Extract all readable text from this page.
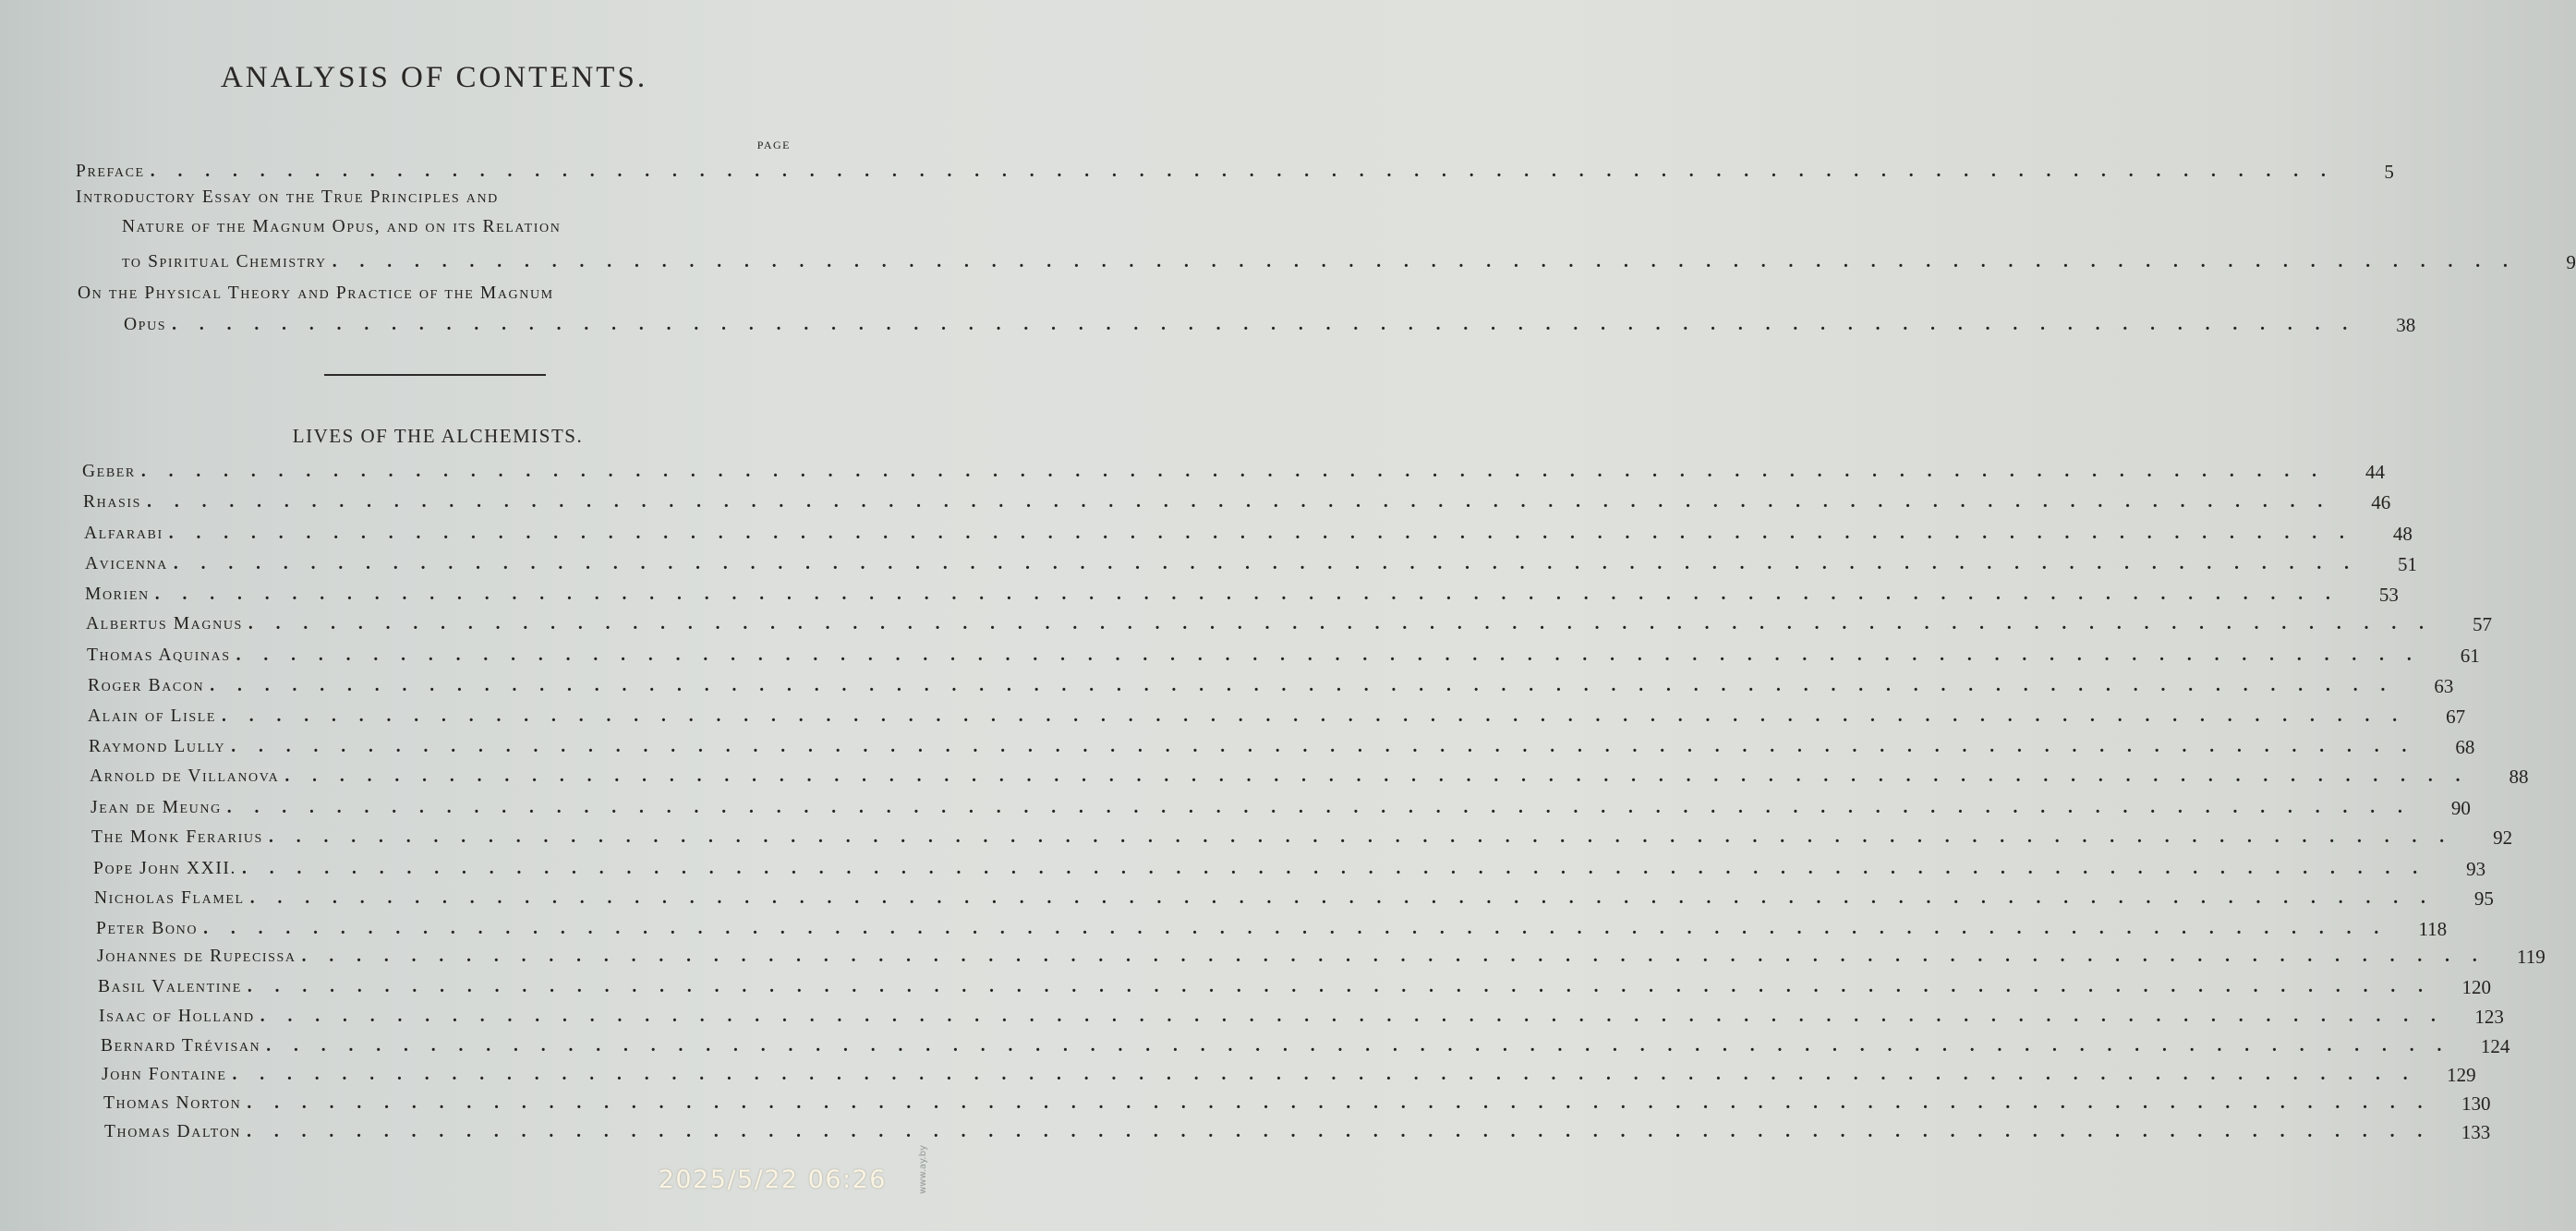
ANALYSIS OF CONTENTS.
PAGE
Preface . . .	5
Introductory Essay on the True Principles and
Nature of the Magnum Opus, and on its Relation
to Spiritual Chemistry . . .	9
On the Physical Theory and Practice of the Magnum
Opus . . .	38
LIVES OF THE ALCHEMISTS.
Geber . . .	44
Rhasis . . .	46
Alfarabi . . .	48
Avicenna . . .	51
Morien . . .	53
Albertus Magnus . . .	57
Thomas Aquinas . . .	61
Roger Bacon . . .	63
Alain of Lisle . . .	67
Raymond Lully . . .	68
Arnold de Villanova . . .	88
Jean de Meung . . .	90
The Monk Ferarius . . .	92
Pope John XXII. . . .	93
Nicholas Flamel . . .	95
Peter Bono . . .	118
Johannes de Rupecissa . . .	119
Basil Valentine . . .	120
Isaac of Holland . . .	123
Bernard Trévisan . . .	124
John Fontaine . . .	129
Thomas Norton . . .	130
Thomas Dalton . . .	133
2025/5/22 06:26	www.ay.by
